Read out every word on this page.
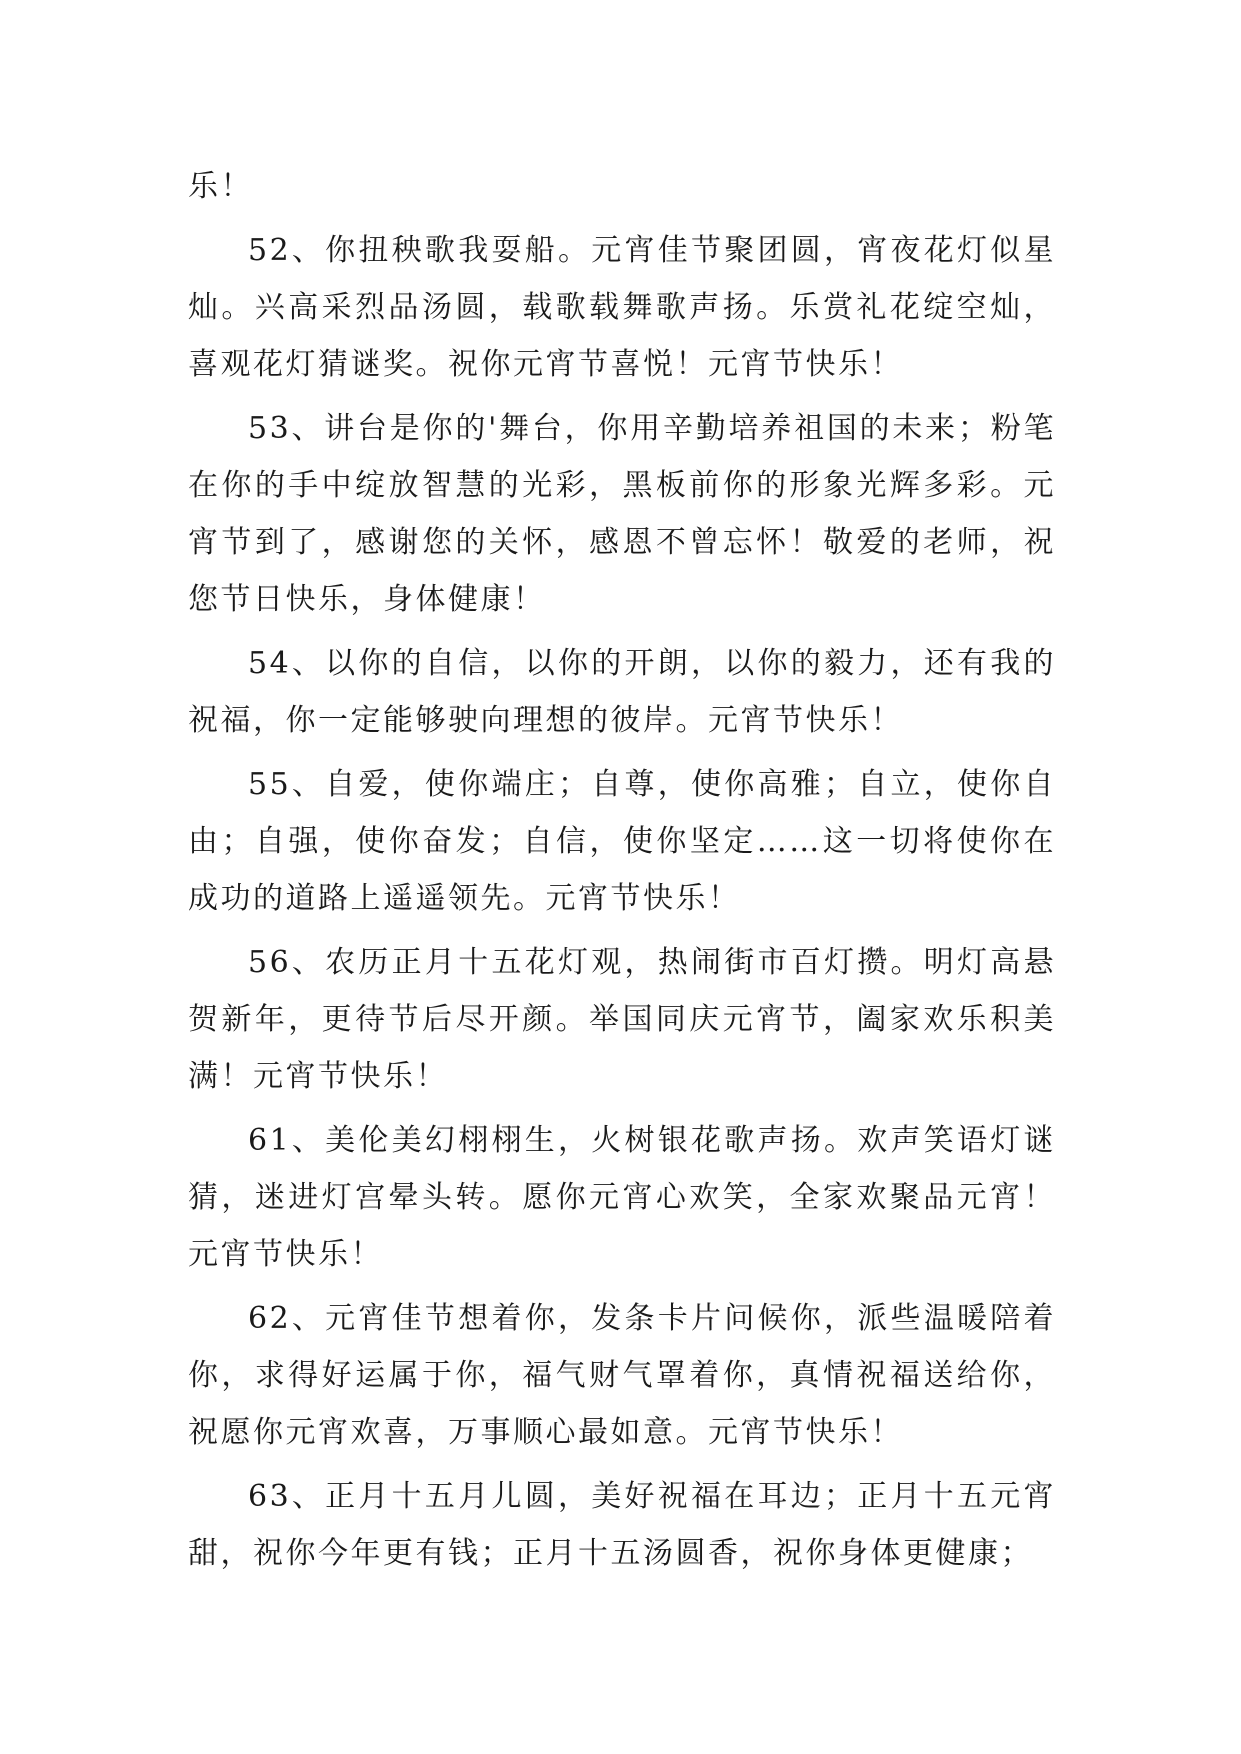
乐！

52、你扭秧歌我耍船。元宵佳节聚团圆，宵夜花灯似星灿。兴高采烈品汤圆，载歌载舞歌声扬。乐赏礼花绽空灿，喜观花灯猜谜奖。祝你元宵节喜悦！元宵节快乐！

53、讲台是你的'舞台，你用辛勤培养祖国的未来；粉笔在你的手中绽放智慧的光彩，黑板前你的形象光辉多彩。元宵节到了，感谢您的关怀，感恩不曾忘怀！敬爱的老师，祝您节日快乐，身体健康！

54、以你的自信，以你的开朗，以你的毅力，还有我的祝福，你一定能够驶向理想的彼岸。元宵节快乐！

55、自爱，使你端庄；自尊，使你高雅；自立，使你自由；自强，使你奋发；自信，使你坚定……这一切将使你在成功的道路上遥遥领先。元宵节快乐！

56、农历正月十五花灯观，热闹街市百灯攒。明灯高悬贺新年，更待节后尽开颜。举国同庆元宵节，阖家欢乐积美满！元宵节快乐！

61、美伦美幻栩栩生，火树银花歌声扬。欢声笑语灯谜猜，迷进灯宫晕头转。愿你元宵心欢笑，全家欢聚品元宵！元宵节快乐！

62、元宵佳节想着你，发条卡片问候你，派些温暖陪着你，求得好运属于你，福气财气罩着你，真情祝福送给你，祝愿你元宵欢喜，万事顺心最如意。元宵节快乐！

63、正月十五月儿圆，美好祝福在耳边；正月十五元宵甜，祝你今年更有钱；正月十五汤圆香，祝你身体更健康；
